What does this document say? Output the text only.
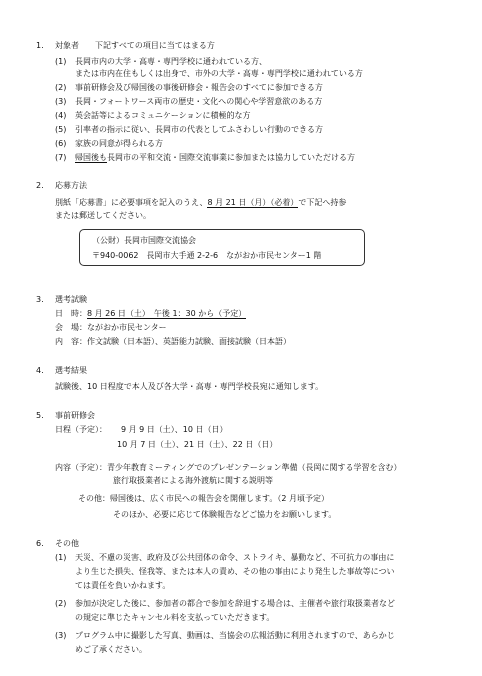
1. 対象者　　下記すべての項目に当てはまる方
(1) 長岡市内の大学・高専・専門学校に通われている方、
または市内在住もしくは出身で、市外の大学・高専・専門学校に通われている方
(2) 事前研修会及び帰国後の事後研修会・報告会のすべてに参加できる方
(3) 長岡・フォートワース両市の歴史・文化への関心や学習意欲のある方
(4) 英会話等によるコミュニケーションに積極的な方
(5) 引率者の指示に従い、長岡市の代表としてふさわしい行動のできる方
(6) 家族の同意が得られる方
(7) 帰国後も長岡市の平和交流・国際交流事業に参加または協力していただける方
2. 応募方法
別紙「応募書」に必要事項を記入のうえ、8 月 21 日（月）（必着）で下記へ持参
または郵送してください。
（公財）長岡市国際交流協会
〒940-0062　長岡市大手通 2-2-6　ながおか市民センター1 階
3. 選考試験
日　時：8 月 26 日（土）　午後 1：30 から（予定）
会　場：ながおか市民センター
内　容：作文試験（日本語）、英語能力試験、面接試験（日本語）
4. 選考結果
試験後、10 日程度で本人及び各大学・高専・専門学校長宛に通知します。
5. 事前研修会
日程（予定）： 9 月 9 日（土）、10 日（日）
10 月 7 日（土）、21 日（土）、22 日（日）
内容（予定）：青少年教育ミーティングでのプレゼンテーション準備（長岡に関する学習を含む）
旅行取扱業者による海外渡航に関する説明等
その他：帰国後は、広く市民への報告会を開催します。（2 月頃予定）
そのほか、必要に応じて体験報告などご協力をお願いします。
6. その他
(1) 天災、不慮の災害、政府及び公共団体の命令、ストライキ、暴動など、不可抗力の事由に
より生じた損失、怪我等、または本人の責め、その他の事由により発生した事故等につい
ては責任を負いかねます。
(2) 参加が決定した後に、参加者の都合で参加を辞退する場合は、主催者や旅行取扱業者など
の規定に準じたキャンセル料を支払っていただきます。
(3) プログラム中に撮影した写真、動画は、当協会の広報活動に利用されますので、あらかじ
めご了承ください。
